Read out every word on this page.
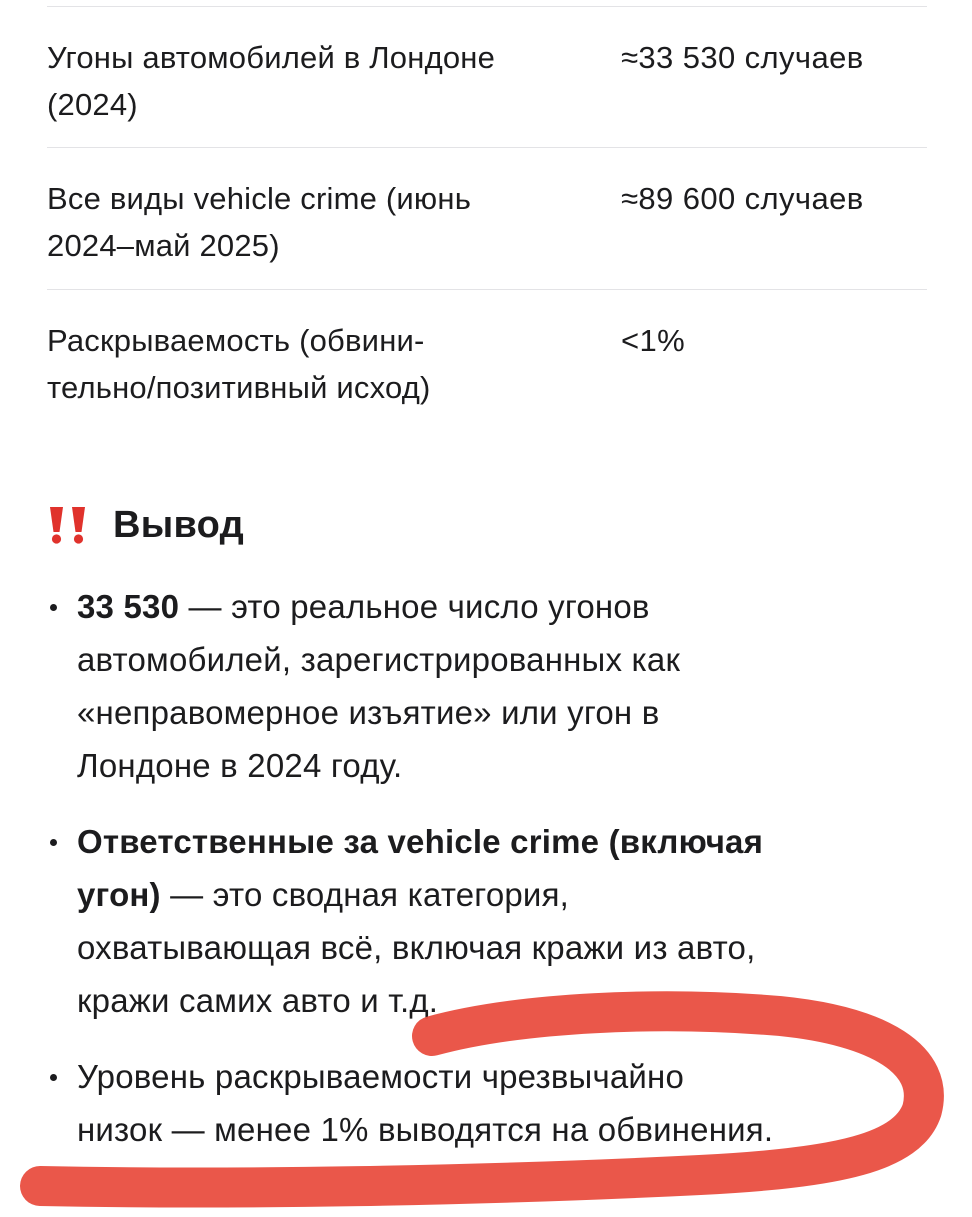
Угоны автомобилей в Лондоне
(2024)
≈33 530 случаев
Все виды vehicle crime (июнь
2024–май 2025)
≈89 600 случаев
Раскрываемость (обвини-
тельно/позитивный исход)
<1%
Вывод
33 530 — это реальное число угонов
автомобилей, зарегистрированных как
«неправомерное изъятие» или угон в
Лондоне в 2024 году.
Ответственные за vehicle crime (включая
угон) — это сводная категория,
охватывающая всё, включая кражи из авто,
кражи самих авто и т.д.
Уровень раскрываемости чрезвычайно
низок — менее 1% выводятся на обвинения.
